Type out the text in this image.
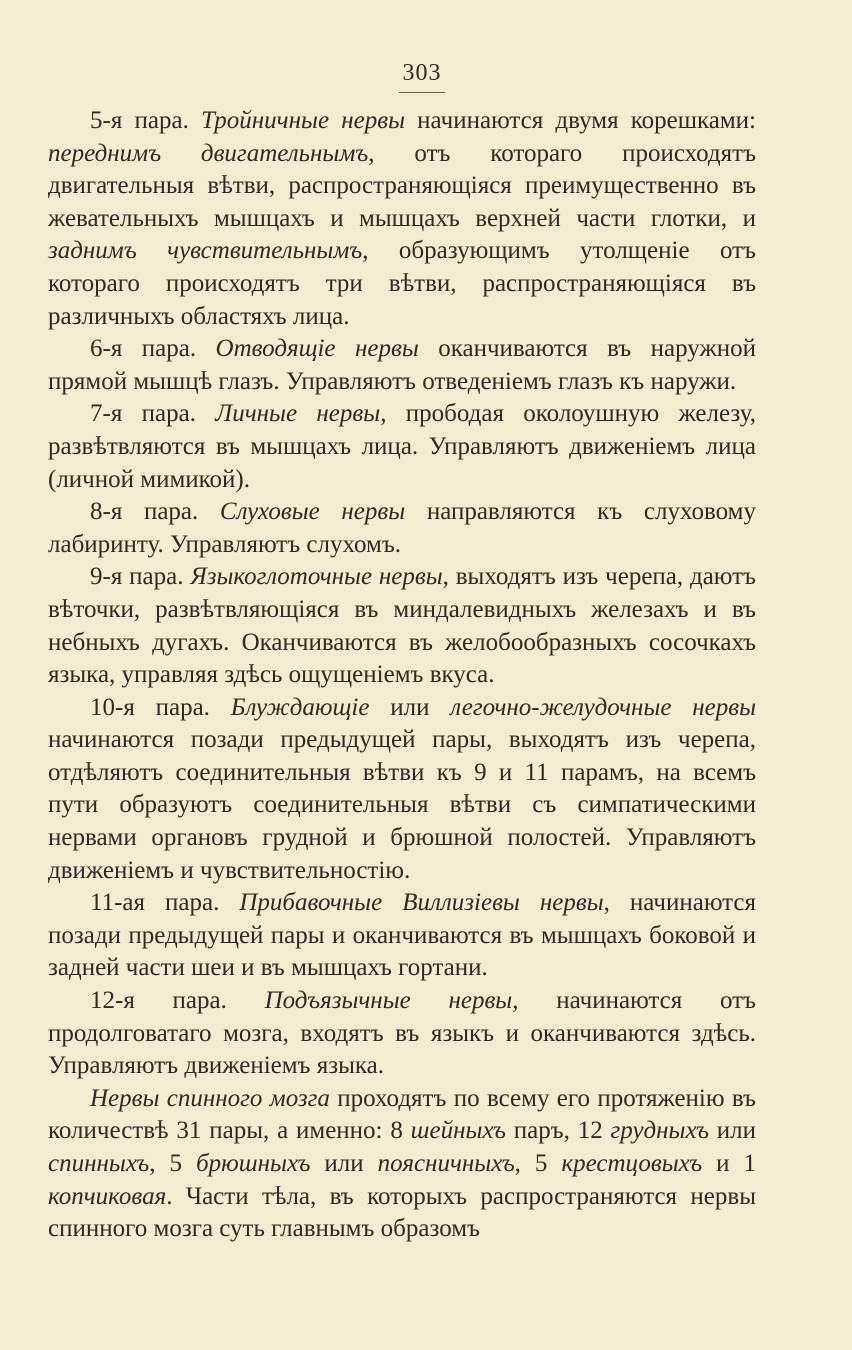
303

5-я пара. Тройничные нервы начинаются двумя корешками: переднимъ двигательнымъ, отъ котораго происходятъ двигательныя вѣтви, распространяющіяся преимущественно въ жевательныхъ мышцахъ и мышцахъ верхней части глотки, и заднимъ чувствительнымъ, образующимъ утолщеніе отъ котораго происходятъ три вѣтви, распространяющіяся въ различныхъ областяхъ лица.

6-я пара. Отводящіе нервы оканчиваются въ наружной прямой мышцѣ глазъ. Управляютъ отведеніемъ глазъ къ наружи.

7-я пара. Личные нервы, прободая околоушную железу, развѣтвляются въ мышцахъ лица. Управляютъ движеніемъ лица (личной мимикой).

8-я пара. Слуховые нервы направляются къ слуховому лабиринту. Управляютъ слухомъ.

9-я пара. Языкоглоточные нервы, выходятъ изъ черепа, даютъ вѣточки, развѣтвляющіяся въ миндалевидныхъ железахъ и въ небныхъ дугахъ. Оканчиваются въ желобообразныхъ сосочкахъ языка, управляя здѣсь ощущеніемъ вкуса.

10-я пара. Блуждающіе или легочно-желудочные нервы начинаются позади предыдущей пары, выходятъ изъ черепа, отдѣляютъ соединительныя вѣтви къ 9 и 11 парамъ, на всемъ пути образуютъ соединительныя вѣтви съ симпатическими нервами органовъ грудной и брюшной полостей. Управляютъ движеніемъ и чувствительностію.

11-ая пара. Прибавочные Виллизіевы нервы, начинаются позади предыдущей пары и оканчиваются въ мышцахъ боковой и задней части шеи и въ мышцахъ гортани.

12-я пара. Подъязычные нервы, начинаются отъ продолговатаго мозга, входятъ въ языкъ и оканчиваются здѣсь. Управляютъ движеніемъ языка.

Нервы спинного мозга проходятъ по всему его протяженію въ количествѣ 31 пары, а именно: 8 шейныхъ паръ, 12 грудныхъ или спинныхъ, 5 брюшныхъ или поясничныхъ, 5 крестцовыхъ и 1 копчиковая. Части тѣла, въ которыхъ распространяются нервы спинного мозга суть главнымъ образомъ
